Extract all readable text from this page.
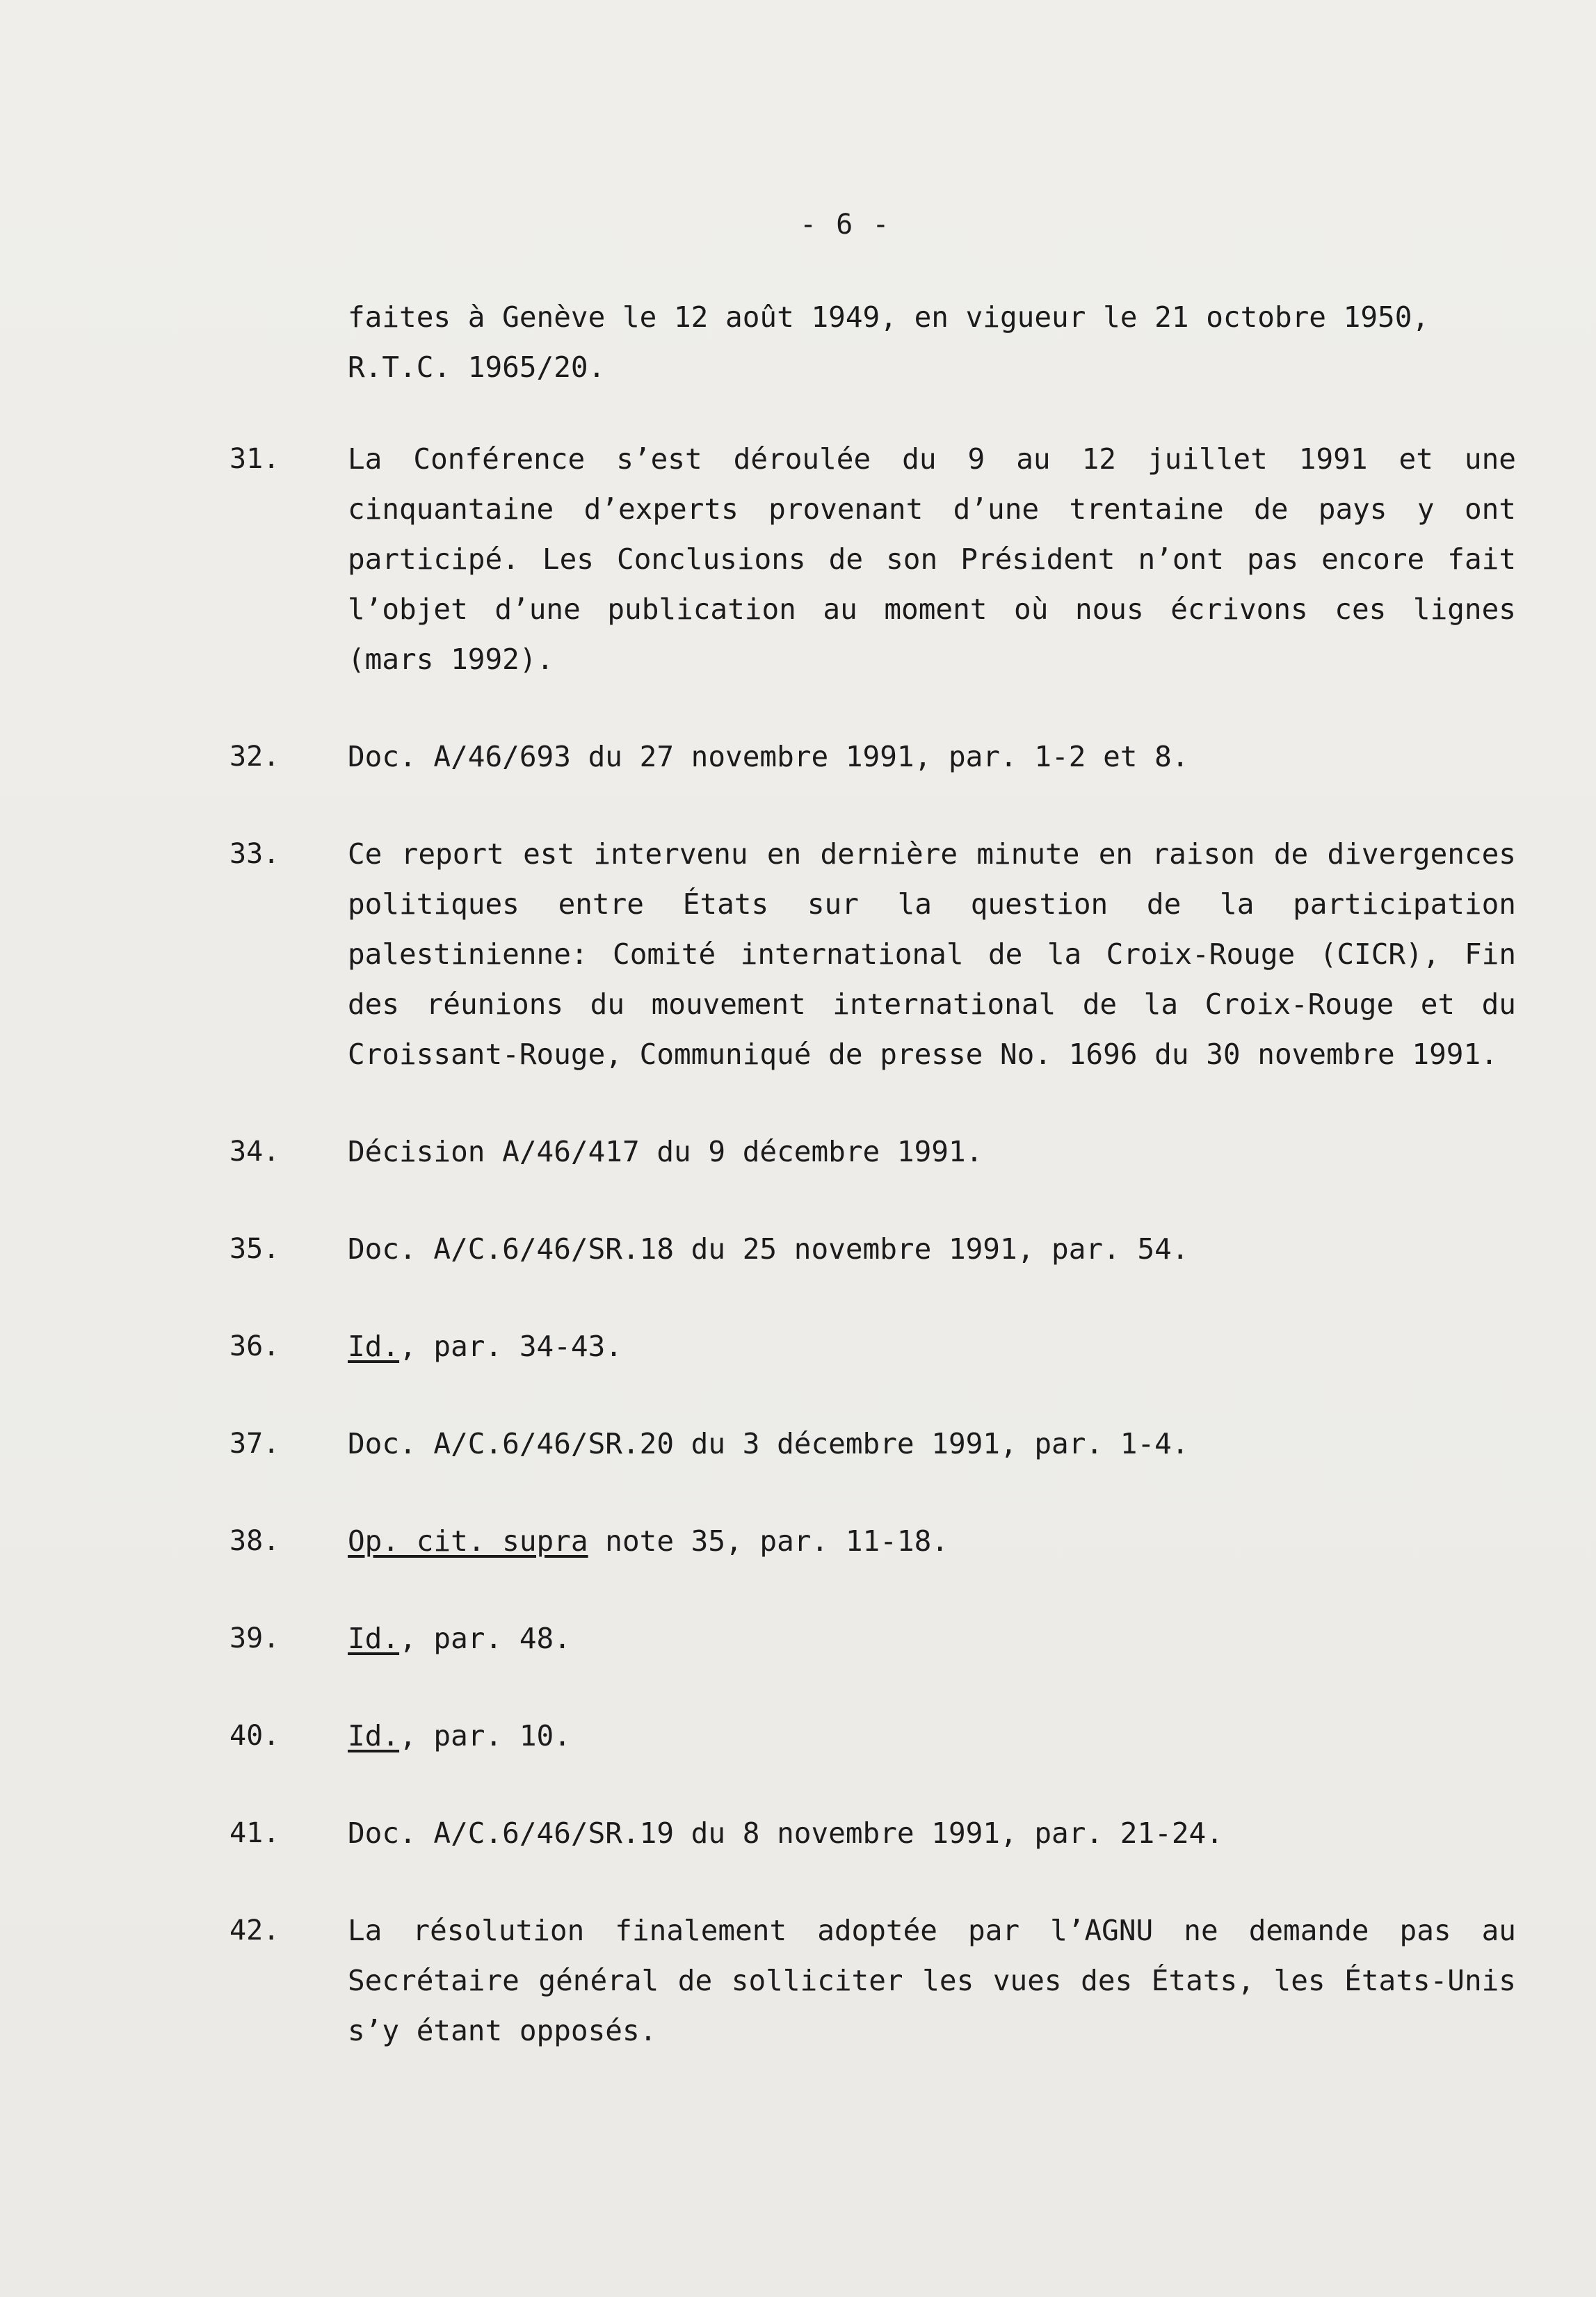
- 6 -
faites à Genève le 12 août 1949, en vigueur le 21 octobre 1950, R.T.C. 1965/20.
31.	La Conférence s’est déroulée du 9 au 12 juillet 1991 et une cinquantaine d’experts provenant d’une trentaine de pays y ont participé. Les Conclusions de son Président n’ont pas encore fait l’objet d’une publication au moment où nous écrivons ces lignes (mars 1992).
32.	Doc. A/46/693 du 27 novembre 1991, par. 1-2 et 8.
33.	Ce report est intervenu en dernière minute en raison de divergences politiques entre États sur la question de la participation palestinienne: Comité international de la Croix-Rouge (CICR), Fin des réunions du mouvement international de la Croix-Rouge et du Croissant-Rouge, Communiqué de presse No. 1696 du 30 novembre 1991.
34.	Décision A/46/417 du 9 décembre 1991.
35.	Doc. A/C.6/46/SR.18 du 25 novembre 1991, par. 54.
36.	Id., par. 34-43.
37.	Doc. A/C.6/46/SR.20 du 3 décembre 1991, par. 1-4.
38.	Op. cit. supra note 35, par. 11-18.
39.	Id., par. 48.
40.	Id., par. 10.
41.	Doc. A/C.6/46/SR.19 du 8 novembre 1991, par. 21-24.
42.	La résolution finalement adoptée par l’AGNU ne demande pas au Secrétaire général de solliciter les vues des États, les États-Unis s’y étant opposés.
